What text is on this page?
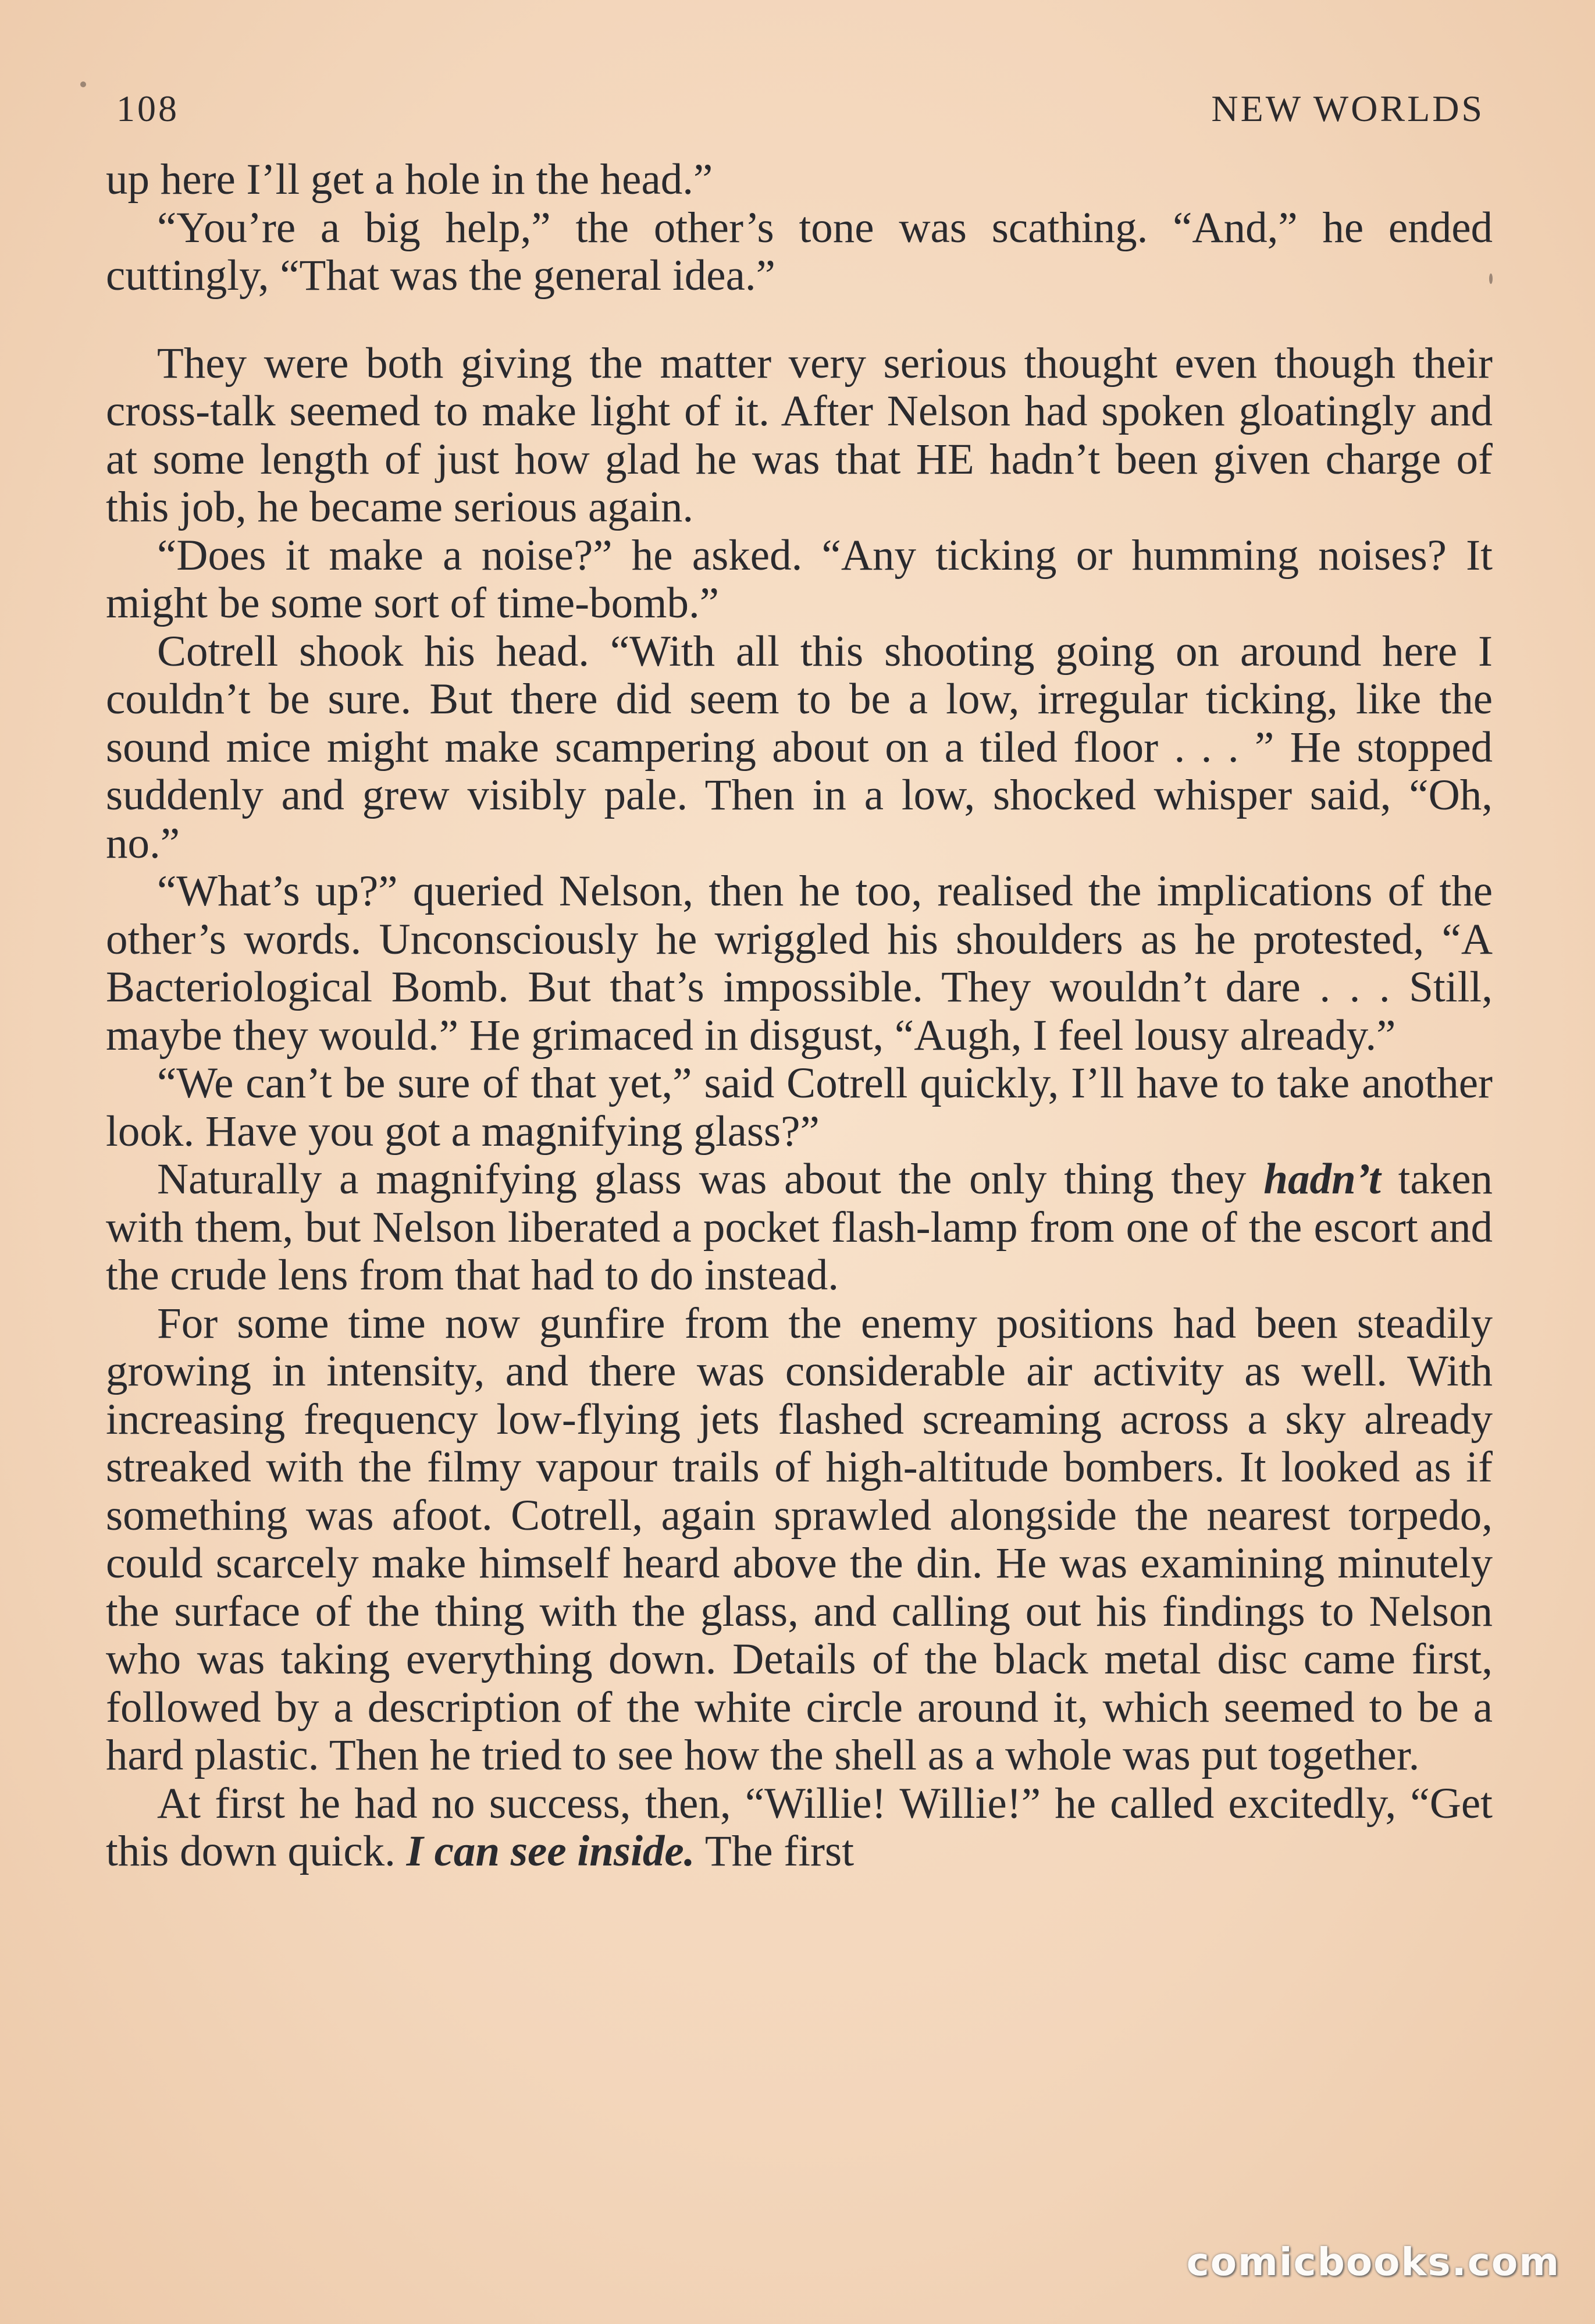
108	NEW WORLDS

up here I’ll get a hole in the head.”

“You’re a big help,” the other’s tone was scathing. “And,” he ended cuttingly, “That was the general idea.”

They were both giving the matter very serious thought even though their cross-talk seemed to make light of it. After Nelson had spoken gloatingly and at some length of just how glad he was that HE hadn’t been given charge of this job, he became serious again.

“Does it make a noise?” he asked. “Any ticking or humming noises? It might be some sort of time-bomb.”

Cotrell shook his head. “With all this shooting going on around here I couldn’t be sure. But there did seem to be a low, irregular ticking, like the sound mice might make scampering about on a tiled floor . . . ” He stopped suddenly and grew visibly pale. Then in a low, shocked whisper said, “Oh, no.”

“What’s up?” queried Nelson, then he too, realised the implications of the other’s words. Unconsciously he wriggled his shoulders as he protested, “A Bacteriological Bomb. But that’s impossible. They wouldn’t dare . . . Still, maybe they would.” He grimaced in disgust, “Augh, I feel lousy already.”

“We can’t be sure of that yet,” said Cotrell quickly, I’ll have to take another look. Have you got a magnifying glass?”

Naturally a magnifying glass was about the only thing they hadn’t taken with them, but Nelson liberated a pocket flash-lamp from one of the escort and the crude lens from that had to do instead.

For some time now gunfire from the enemy positions had been steadily growing in intensity, and there was considerable air activity as well. With increasing frequency low-flying jets flashed screaming across a sky already streaked with the filmy vapour trails of high-altitude bombers. It looked as if something was afoot. Cotrell, again sprawled alongside the nearest torpedo, could scarcely make himself heard above the din. He was examining minutely the surface of the thing with the glass, and calling out his findings to Nelson who was taking everything down. Details of the black metal disc came first, followed by a description of the white circle around it, which seemed to be a hard plastic. Then he tried to see how the shell as a whole was put together.

At first he had no success, then, “Willie! Willie!” he called excitedly, “Get this down quick. I can see inside. The first

comicbooks.com
